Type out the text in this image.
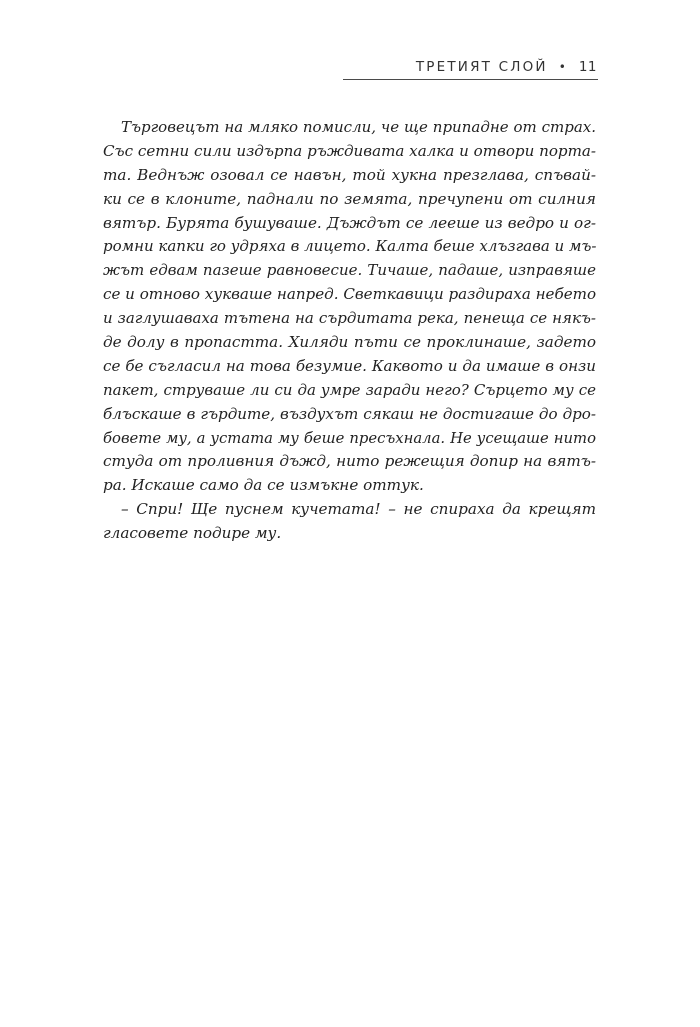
ТРЕТИЯТ СЛОЙ • 11
Търговецът на мляко помисли, че ще припадне от страх.
Със сетни сили издърпа ръждивата халка и отвори порта-
та. Веднъж озовал се навън, той хукна презглава, спъвай-
ки се в клоните, паднали по земята, пречупени от силния
вятър. Бурята бушуваше. Дъждът се лееше из ведро и ог-
ромни капки го удряха в лицето. Калта беше хлъзгава и мъ-
жът едвам пазеше равновесие. Тичаше, падаше, изправяше
се и отново хукваше напред. Светкавици раздираха небето
и заглушаваха тътена на сърдитата река, пенеща се някъ-
де долу в пропастта. Хиляди пъти се проклинаше, задето
се бе съгласил на това безумие. Каквото и да имаше в онзи
пакет, струваше ли си да умре заради него? Сърцето му се
блъскаше в гърдите, въздухът сякаш не достигаше до дро-
бовете му, а устата му беше пресъхнала. Не усещаше нито
студа от проливния дъжд, нито режещия допир на вятъ-
ра. Искаше само да се измъкне оттук.
– Спри! Ще пуснем кучетата! – не спираха да крещят
гласовете подире му.
